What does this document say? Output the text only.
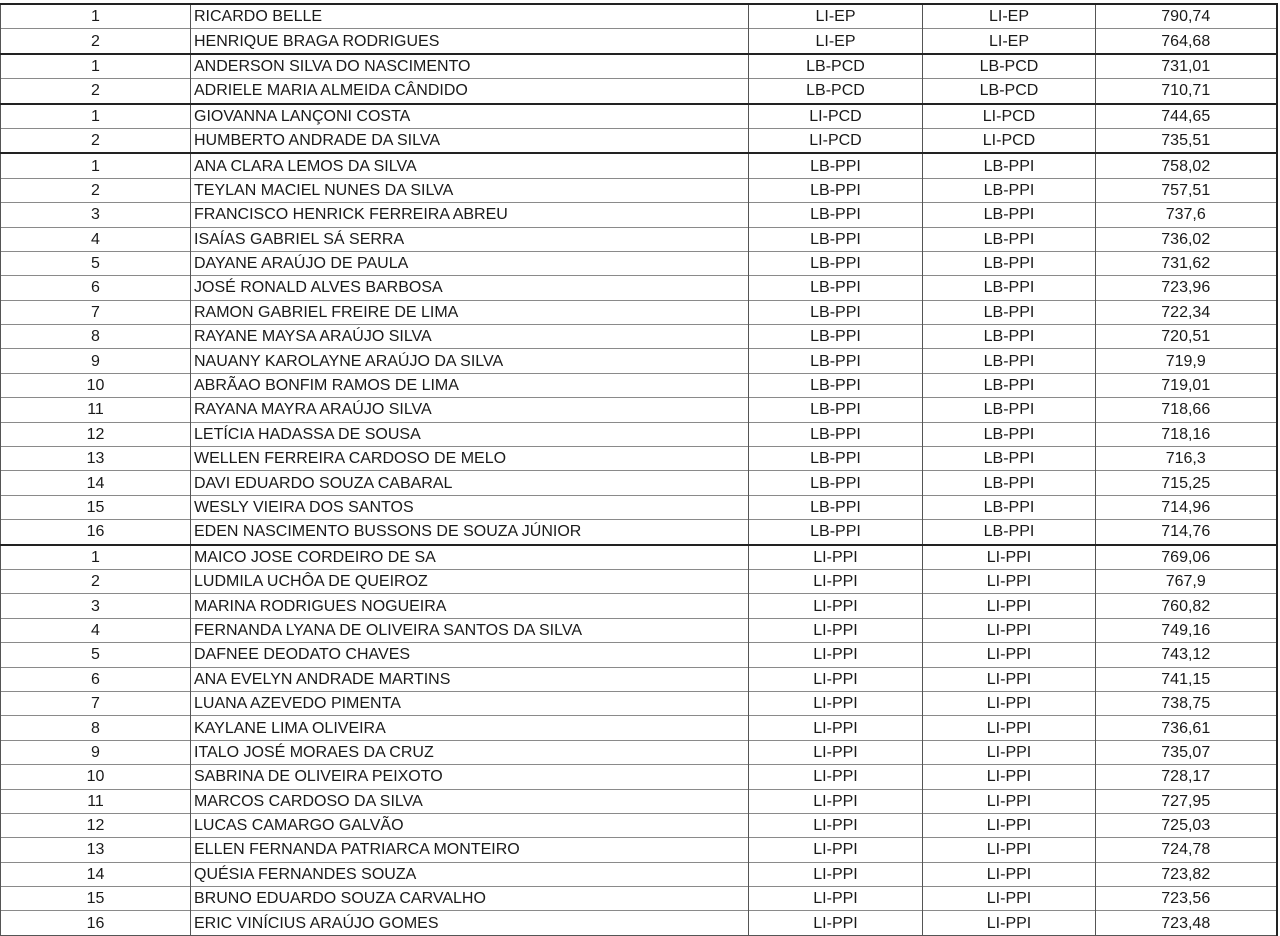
1	RICARDO BELLE	LI-EP	LI-EP	790,74
2	HENRIQUE BRAGA RODRIGUES	LI-EP	LI-EP	764,68
1	ANDERSON SILVA DO NASCIMENTO	LB-PCD	LB-PCD	731,01
2	ADRIELE MARIA ALMEIDA CÂNDIDO	LB-PCD	LB-PCD	710,71
1	GIOVANNA LANÇONI COSTA	LI-PCD	LI-PCD	744,65
2	HUMBERTO ANDRADE DA SILVA	LI-PCD	LI-PCD	735,51
1	ANA CLARA LEMOS DA SILVA	LB-PPI	LB-PPI	758,02
2	TEYLAN MACIEL NUNES DA SILVA	LB-PPI	LB-PPI	757,51
3	FRANCISCO HENRICK FERREIRA ABREU	LB-PPI	LB-PPI	737,6
4	ISAÍAS GABRIEL SÁ SERRA	LB-PPI	LB-PPI	736,02
5	DAYANE ARAÚJO DE PAULA	LB-PPI	LB-PPI	731,62
6	JOSÉ RONALD ALVES BARBOSA	LB-PPI	LB-PPI	723,96
7	RAMON GABRIEL FREIRE DE LIMA	LB-PPI	LB-PPI	722,34
8	RAYANE MAYSA ARAÚJO SILVA	LB-PPI	LB-PPI	720,51
9	NAUANY KAROLAYNE ARAÚJO DA SILVA	LB-PPI	LB-PPI	719,9
10	ABRÃAO BONFIM RAMOS DE LIMA	LB-PPI	LB-PPI	719,01
11	RAYANA MAYRA ARAÚJO SILVA	LB-PPI	LB-PPI	718,66
12	LETÍCIA HADASSA DE SOUSA	LB-PPI	LB-PPI	718,16
13	WELLEN FERREIRA CARDOSO DE MELO	LB-PPI	LB-PPI	716,3
14	DAVI EDUARDO SOUZA CABARAL	LB-PPI	LB-PPI	715,25
15	WESLY VIEIRA DOS SANTOS	LB-PPI	LB-PPI	714,96
16	EDEN NASCIMENTO BUSSONS DE SOUZA JÚNIOR	LB-PPI	LB-PPI	714,76
1	MAICO JOSE CORDEIRO DE SA	LI-PPI	LI-PPI	769,06
2	LUDMILA UCHÔA DE QUEIROZ	LI-PPI	LI-PPI	767,9
3	MARINA RODRIGUES NOGUEIRA	LI-PPI	LI-PPI	760,82
4	FERNANDA LYANA DE OLIVEIRA SANTOS DA SILVA	LI-PPI	LI-PPI	749,16
5	DAFNEE DEODATO CHAVES	LI-PPI	LI-PPI	743,12
6	ANA EVELYN ANDRADE MARTINS	LI-PPI	LI-PPI	741,15
7	LUANA AZEVEDO PIMENTA	LI-PPI	LI-PPI	738,75
8	KAYLANE LIMA OLIVEIRA	LI-PPI	LI-PPI	736,61
9	ITALO JOSÉ MORAES DA CRUZ	LI-PPI	LI-PPI	735,07
10	SABRINA DE OLIVEIRA PEIXOTO	LI-PPI	LI-PPI	728,17
11	MARCOS CARDOSO DA SILVA	LI-PPI	LI-PPI	727,95
12	LUCAS CAMARGO GALVÃO	LI-PPI	LI-PPI	725,03
13	ELLEN FERNANDA PATRIARCA MONTEIRO	LI-PPI	LI-PPI	724,78
14	QUÉSIA FERNANDES SOUZA	LI-PPI	LI-PPI	723,82
15	BRUNO EDUARDO SOUZA CARVALHO	LI-PPI	LI-PPI	723,56
16	ERIC VINÍCIUS ARAÚJO GOMES	LI-PPI	LI-PPI	723,48
